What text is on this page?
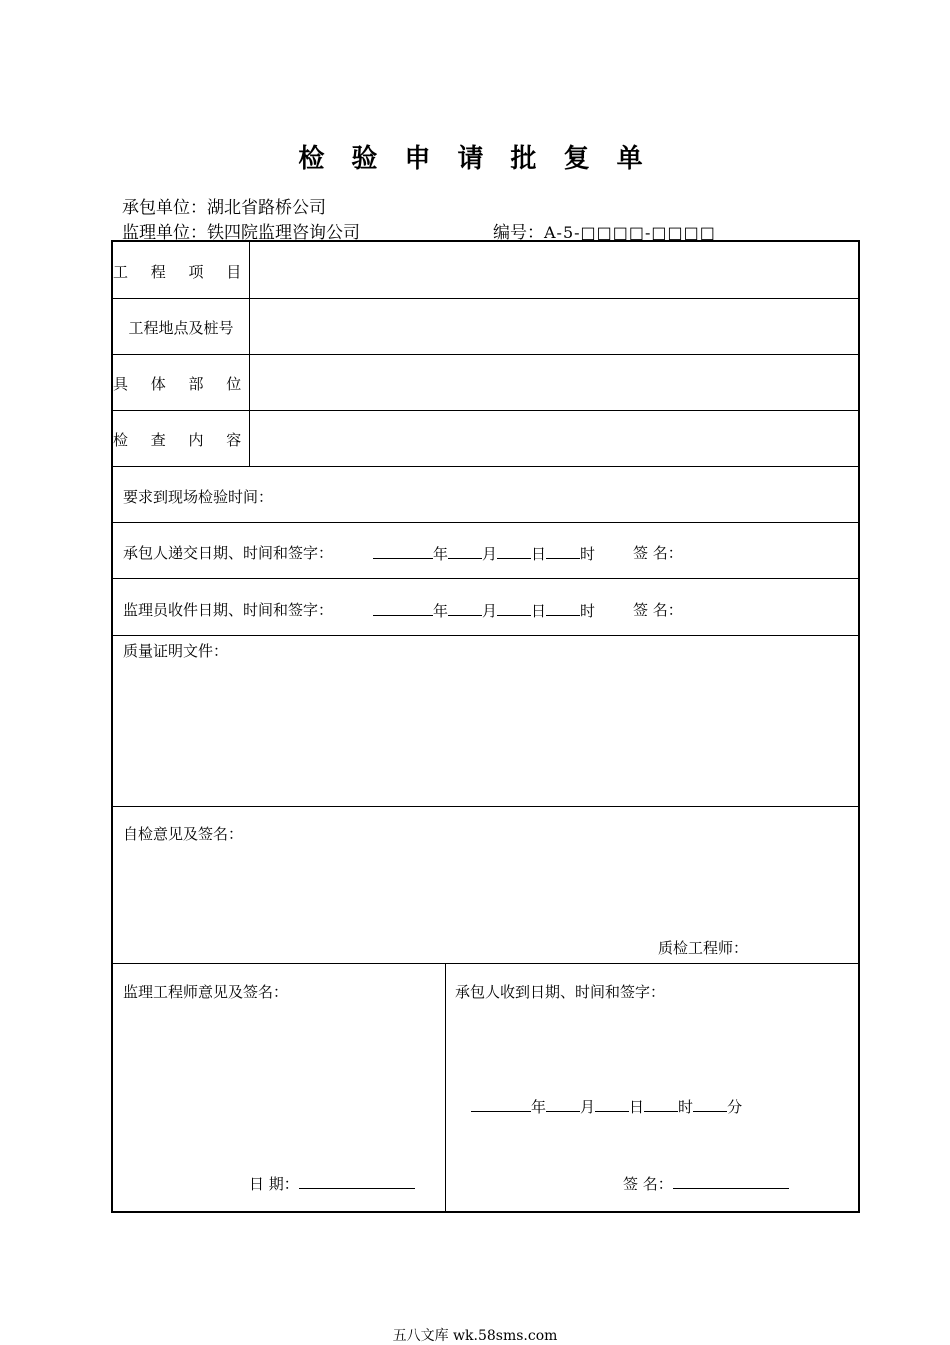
检 验 申 请 批 复 单
承包单位：湖北省路桥公司
监理单位：铁四院监理咨询公司	编号：A-5-□□□□-□□□□
工 程 项 目
工程地点及桩号
具 体 部 位
检 查 内 容
要求到现场检验时间：
承包人递交日期、时间和签字：	年 月 日 时	签 名：
监理员收件日期、时间和签字：	年 月 日 时	签 名：
质量证明文件：
自检意见及签名：
质检工程师：
监理工程师意见及签名：
日 期：
承包人收到日期、时间和签字：
年 月 日 时 分
签 名：
五八文库 wk.58sms.com
